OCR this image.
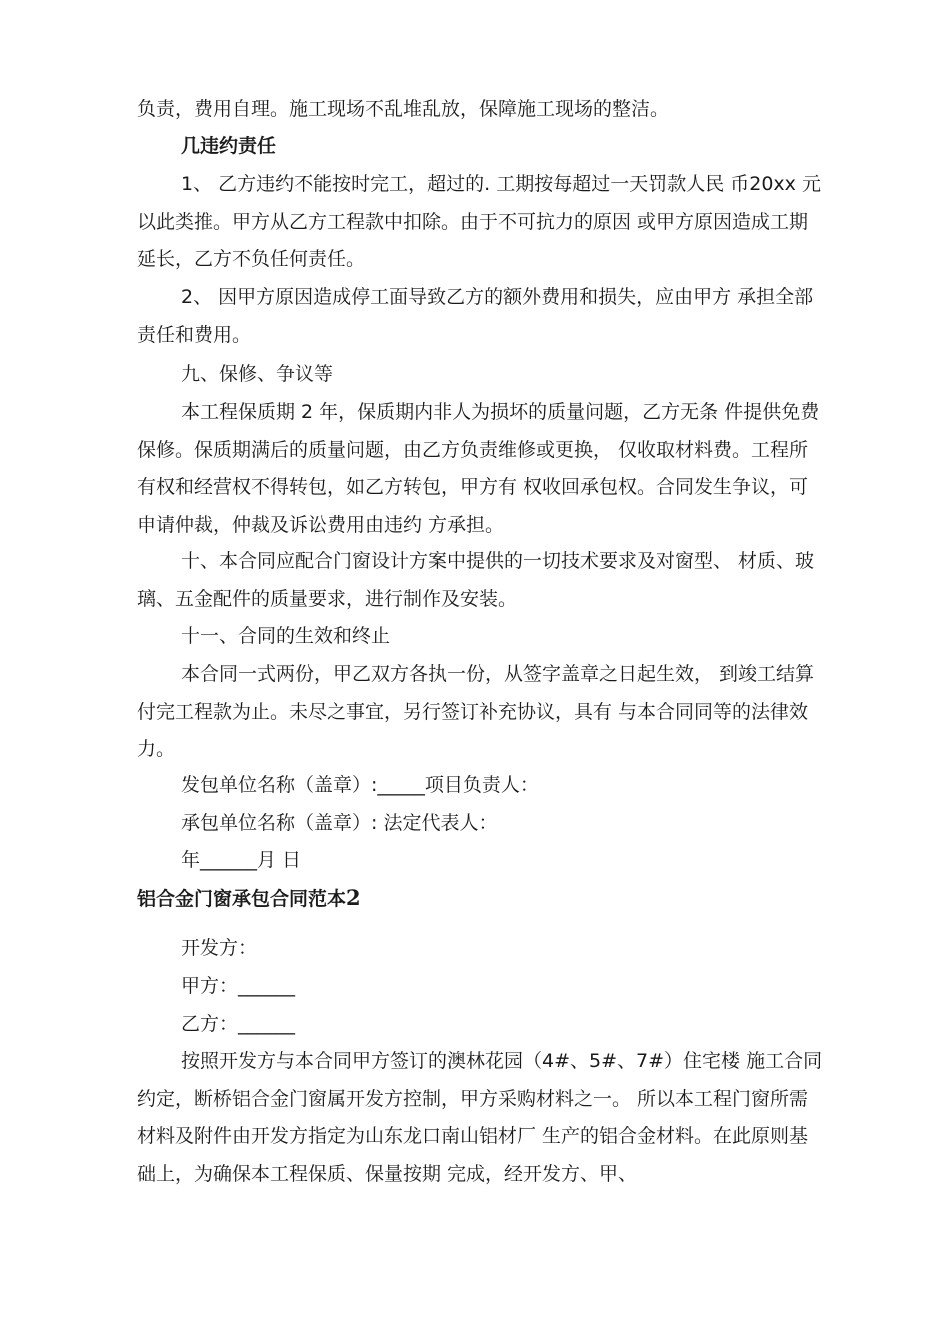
负责，费用自理。施工现场不乱堆乱放，保障施工现场的整洁。

几违约责任

1、 乙方违约不能按时完工，超过的. 工期按每超过一天罚款人民 币20xx 元以此类推。甲方从乙方工程款中扣除。由于不可抗力的原因 或甲方原因造成工期延长，乙方不负任何责任。

2、 因甲方原因造成停工面导致乙方的额外费用和损失，应由甲方 承担全部责任和费用。

九、保修、争议等

本工程保质期 2 年，保质期内非人为损坏的质量问题，乙方无条 件提供免费保修。保质期满后的质量问题，由乙方负责维修或更换， 仅收取材料费。工程所有权和经营权不得转包，如乙方转包，甲方有 权收回承包权。合同发生争议，可申请仲裁，仲裁及诉讼费用由违约 方承担。

十、本合同应配合门窗设计方案中提供的一切技术要求及对窗型、 材质、玻璃、五金配件的质量要求，进行制作及安装。

十一、合同的生效和终止

本合同一式两份，甲乙双方各执一份，从签字盖章之日起生效， 到竣工结算付完工程款为止。未尽之事宜，另行签订补充协议，具有 与本合同同等的法律效力。

发包单位名称（盖章）:_____项目负责人：

承包单位名称（盖章）: 法定代表人：

年______月 日

铝合金门窗承包合同范本2

开发方：

甲方：______

乙方：______

按照开发方与本合同甲方签订的澳林花园（4#、5#、7#）住宅楼 施工合同约定，断桥铝合金门窗属开发方控制，甲方采购材料之一。 所以本工程门窗所需材料及附件由开发方指定为山东龙口南山铝材厂 生产的铝合金材料。在此原则基础上，为确保本工程保质、保量按期 完成，经开发方、甲、
